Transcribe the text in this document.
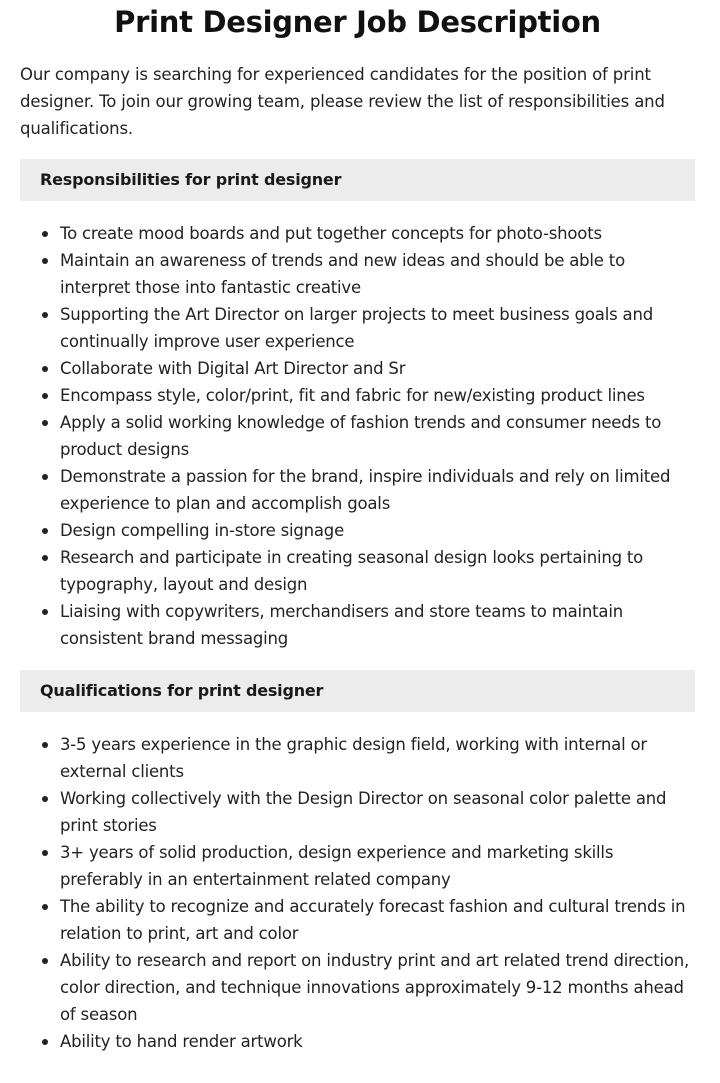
Print Designer Job Description

Our company is searching for experienced candidates for the position of print designer. To join our growing team, please review the list of responsibilities and qualifications.

Responsibilities for print designer
To create mood boards and put together concepts for photo-shoots
Maintain an awareness of trends and new ideas and should be able to interpret those into fantastic creative
Supporting the Art Director on larger projects to meet business goals and continually improve user experience
Collaborate with Digital Art Director and Sr
Encompass style, color/print, fit and fabric for new/existing product lines
Apply a solid working knowledge of fashion trends and consumer needs to product designs
Demonstrate a passion for the brand, inspire individuals and rely on limited experience to plan and accomplish goals
Design compelling in-store signage
Research and participate in creating seasonal design looks pertaining to typography, layout and design
Liaising with copywriters, merchandisers and store teams to maintain consistent brand messaging
Qualifications for print designer
3-5 years experience in the graphic design field, working with internal or external clients
Working collectively with the Design Director on seasonal color palette and print stories
3+ years of solid production, design experience and marketing skills preferably in an entertainment related company
The ability to recognize and accurately forecast fashion and cultural trends in relation to print, art and color
Ability to research and report on industry print and art related trend direction, color direction, and technique innovations approximately 9-12 months ahead of season
Ability to hand render artwork
